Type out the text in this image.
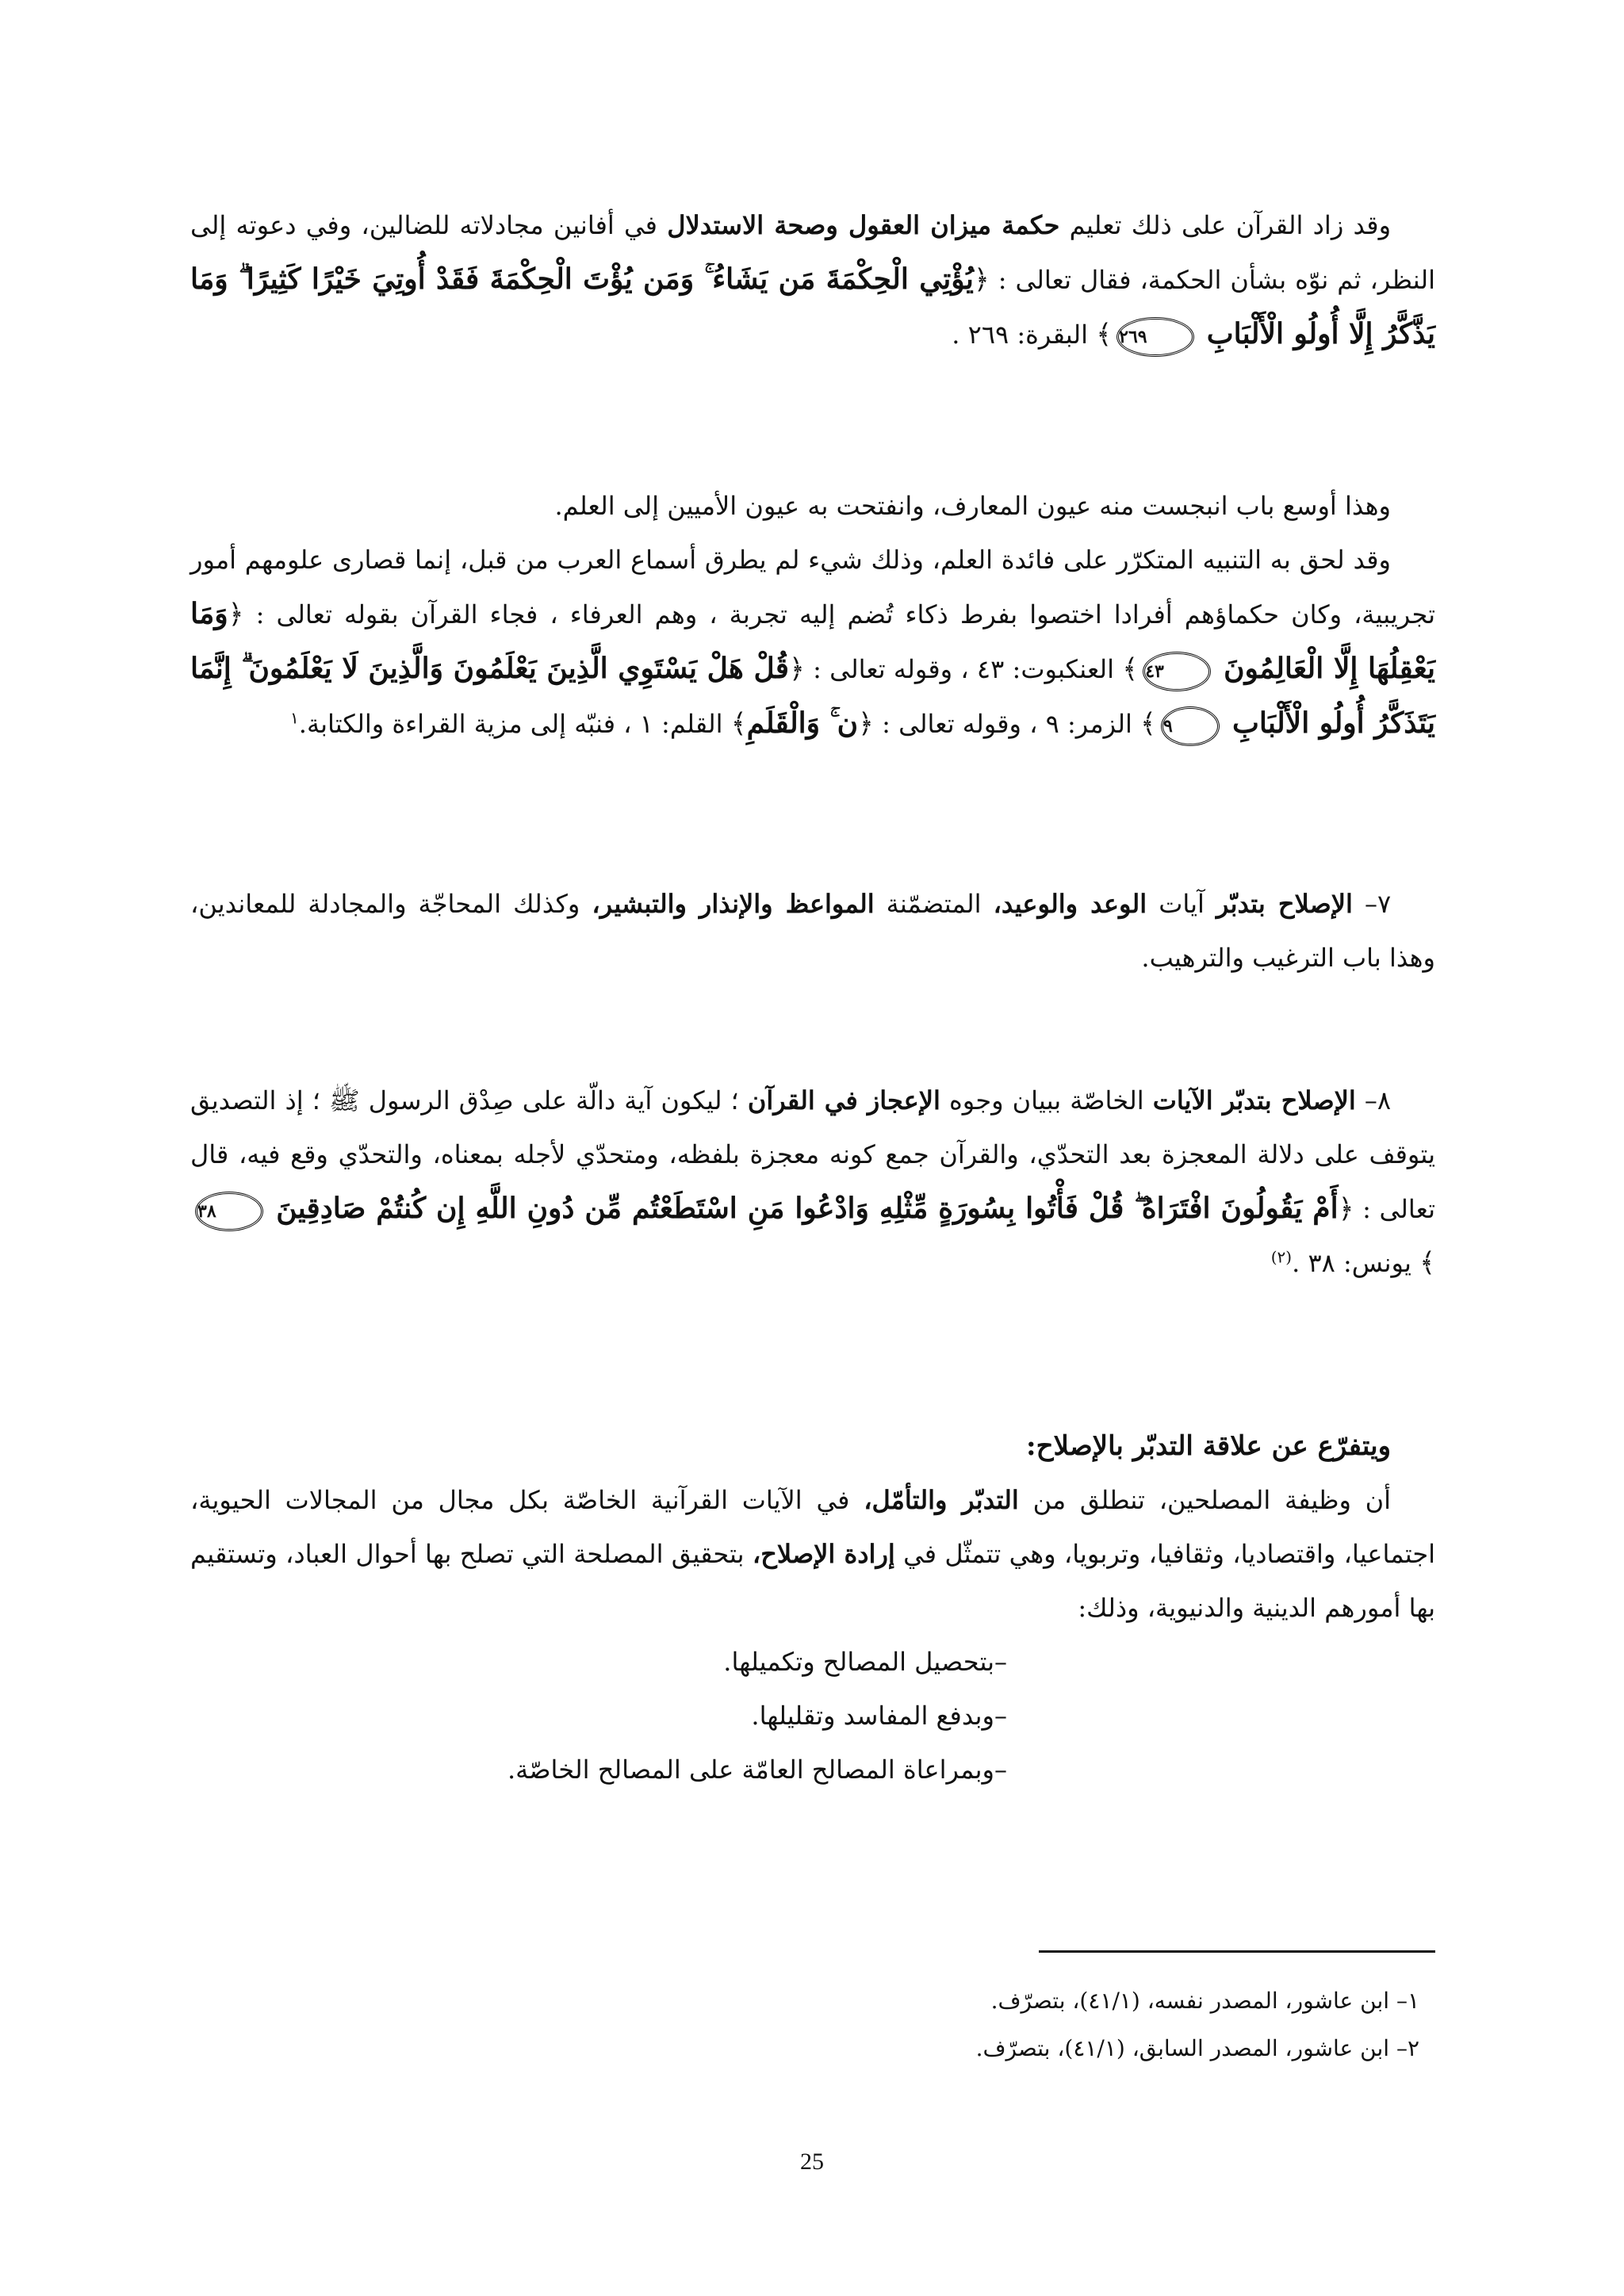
وقد زاد القرآن على ذلك تعليم حكمة ميزان العقول وصحة الاستدلال في أفانين مجادلاته للضالين، وفي دعوته إلى النظر، ثم نوّه بشأن الحكمة، فقال تعالى : ﴿يُؤْتِي الْحِكْمَةَ مَن يَشَاءُ ۚ وَمَن يُؤْتَ الْحِكْمَةَ فَقَدْ أُوتِيَ خَيْرًا كَثِيرًا ۗ وَمَا يَذَّكَّرُ إِلَّا أُولُو الْأَلْبَابِ ٢٦٩﴾ البقرة: ٢٦٩ .

وهذا أوسع باب انبجست منه عيون المعارف، وانفتحت به عيون الأميين إلى العلم.

وقد لحق به التنبيه المتكرّر على فائدة العلم، وذلك شيء لم يطرق أسماع العرب من قبل، إنما قصارى علومهم أمور تجريبية، وكان حكماؤهم أفرادا اختصوا بفرط ذكاء تُضم إليه تجربة ، وهم العرفاء ، فجاء القرآن بقوله تعالى : ﴿وَمَا يَعْقِلُهَا إِلَّا الْعَالِمُونَ ٤٣﴾ العنكبوت: ٤٣ ، وقوله تعالى : ﴿قُلْ هَلْ يَسْتَوِي الَّذِينَ يَعْلَمُونَ وَالَّذِينَ لَا يَعْلَمُونَ ۗ إِنَّمَا يَتَذَكَّرُ أُولُو الْأَلْبَابِ ٩﴾ الزمر: ٩ ، وقوله تعالى : ﴿ن ۚ وَالْقَلَمِ﴾ القلم: ١ ، فنبّه إلى مزية القراءة والكتابة.$^١$

٧– الإصلاح بتدبّر آيات الوعد والوعيد، المتضمّنة المواعظ والإنذار والتبشير، وكذلك المحاجّة والمجادلة للمعاندين، وهذا باب الترغيب والترهيب.

٨– الإصلاح بتدبّر الآيات الخاصّة ببيان وجوه الإعجاز في القرآن ؛ ليكون آية دالّة على صِدْق الرسول ﷺ ؛ إذ التصديق يتوقف على دلالة المعجزة بعد التحدّي، والقرآن جمع كونه معجزة بلفظه، ومتحدّي لأجله بمعناه، والتحدّي وقع فيه، قال تعالى : ﴿أَمْ يَقُولُونَ افْتَرَاهُ ۖ قُلْ فَأْتُوا بِسُورَةٍ مِّثْلِهِ وَادْعُوا مَنِ اسْتَطَعْتُم مِّن دُونِ اللَّهِ إِن كُنتُمْ صَادِقِينَ ٣٨﴾ يونس: ٣٨ .$^{(٢)}$

ويتفرّع عن علاقة التدبّر بالإصلاح:

أن وظيفة المصلحين، تنطلق من التدبّر والتأمّل، في الآيات القرآنية الخاصّة بكل مجال من المجالات الحيوية، اجتماعيا، واقتصاديا، وثقافيا، وتربويا، وهي تتمثّل في إرادة الإصلاح، بتحقيق المصلحة التي تصلح بها أحوال العباد، وتستقيم بها أمورهم الدينية والدنيوية، وذلك:

–بتحصيل المصالح وتكميلها.

–وبدفع المفاسد وتقليلها.

–وبمراعاة المصالح العامّة على المصالح الخاصّة.

١– ابن عاشور، المصدر نفسه، (٤١/١)، بتصرّف.

٢– ابن عاشور، المصدر السابق، (٤١/١)، بتصرّف.

25
